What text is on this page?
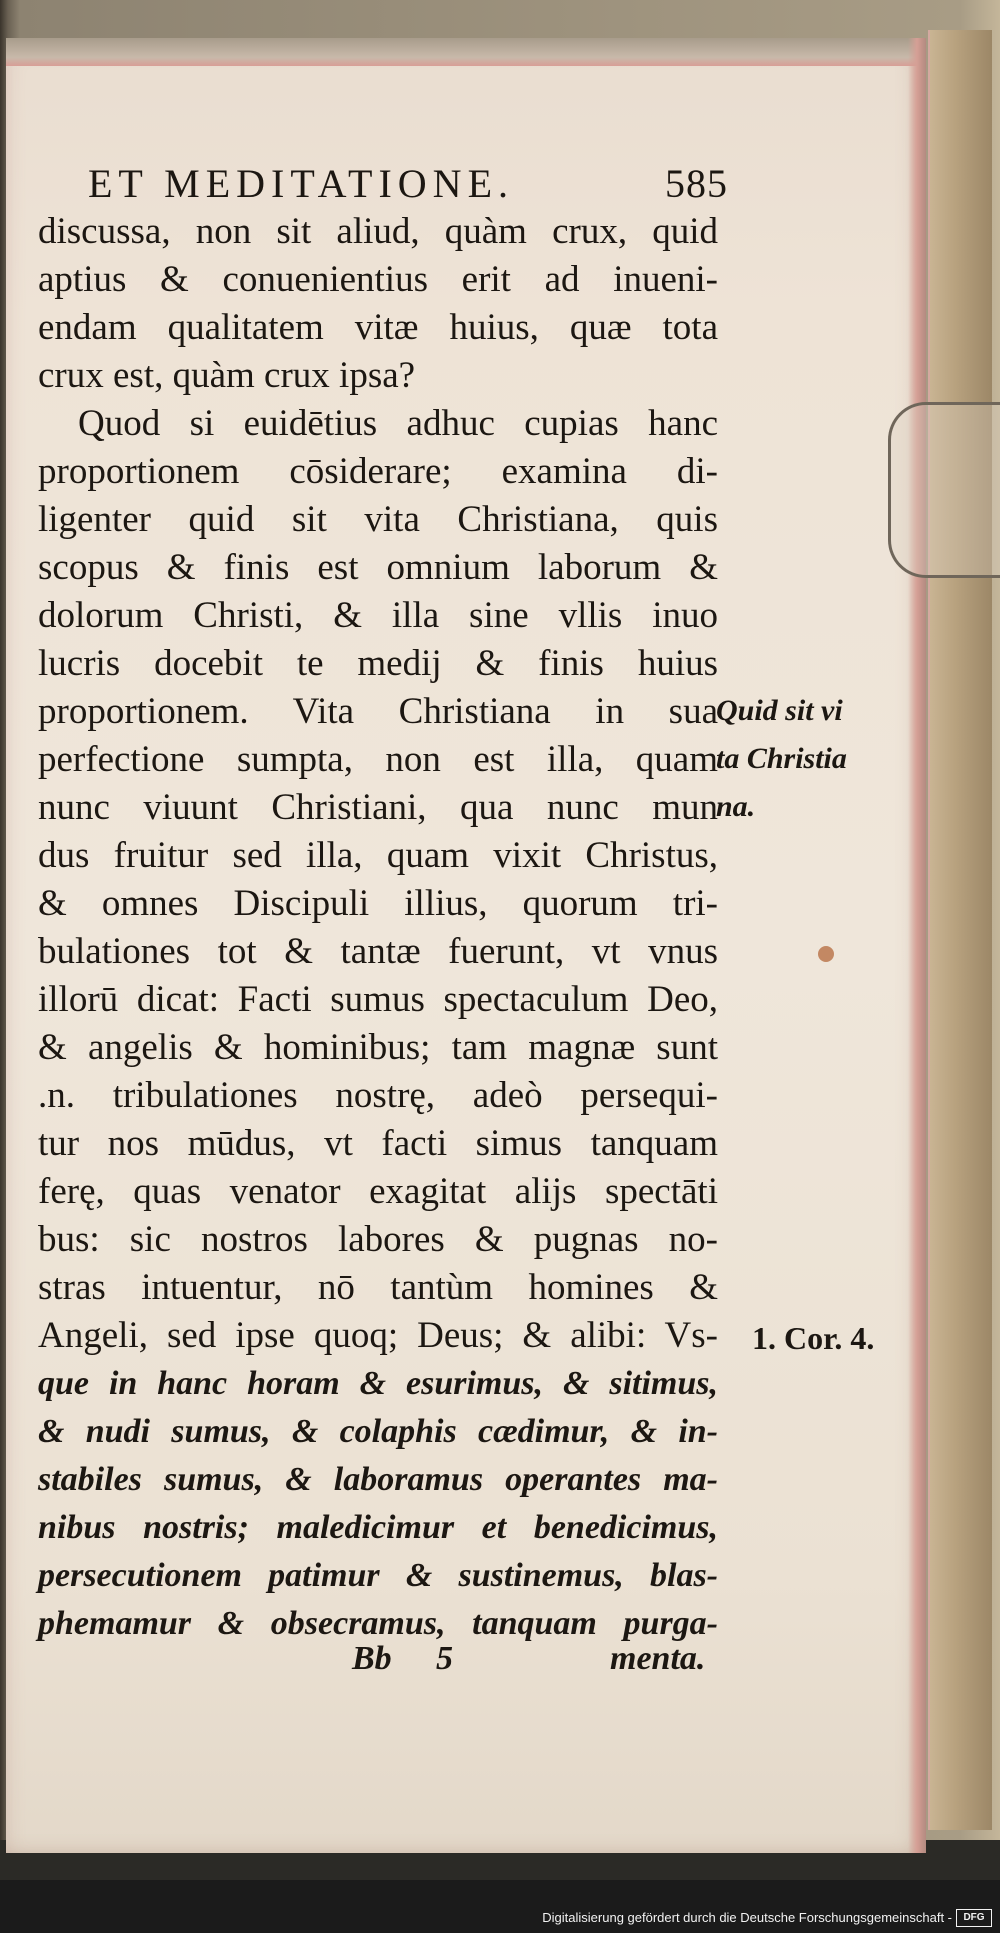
ET MEDITATIONE.	585
discussa, non sit aliud, quàm crux, quid
aptius & conuenientius erit ad inueni-
endam qualitatem vitæ huius, quæ tota
crux est, quàm crux ipsa?
Quod si euidētius adhuc cupias hanc
proportionem cōsiderare; examina di-
ligenter quid sit vita Christiana, quis
scopus & finis est omnium laborum &
dolorum Christi, & illa sine vllis inuo
lucris docebit te medij & finis huius
proportionem. Vita Christiana in sua
perfectione sumpta, non est illa, quam
nunc viuunt Christiani, qua nunc mun
dus fruitur sed illa, quam vixit Christus,
& omnes Discipuli illius, quorum tri-
bulationes tot & tantæ fuerunt, vt vnus
illorū dicat: Facti sumus spectaculum Deo,
& angelis & hominibus; tam magnæ sunt
.n. tribulationes nostrę, adeò persequi-
tur nos mūdus, vt facti simus tanquam
ferę, quas venator exagitat alijs spectāti
bus: sic nostros labores & pugnas no-
stras intuentur, nō tantùm homines &
Angeli, sed ipse quoq; Deus; & alibi: Vs-
que in hanc horam & esurimus, & sitimus,
& nudi sumus, & colaphis cædimur, & in-
stabiles sumus, & laboramus operantes ma-
nibus nostris; maledicimur et benedicimus,
persecutionem patimur & sustinemus, blas-
phemamur & obsecramus, tanquam purga-
Quid sit vi
ta Christia
na.
1. Cor. 4.
Bb 5	menta.
Digitalisierung gefördert durch die Deutsche Forschungsgemeinschaft -	DFG
